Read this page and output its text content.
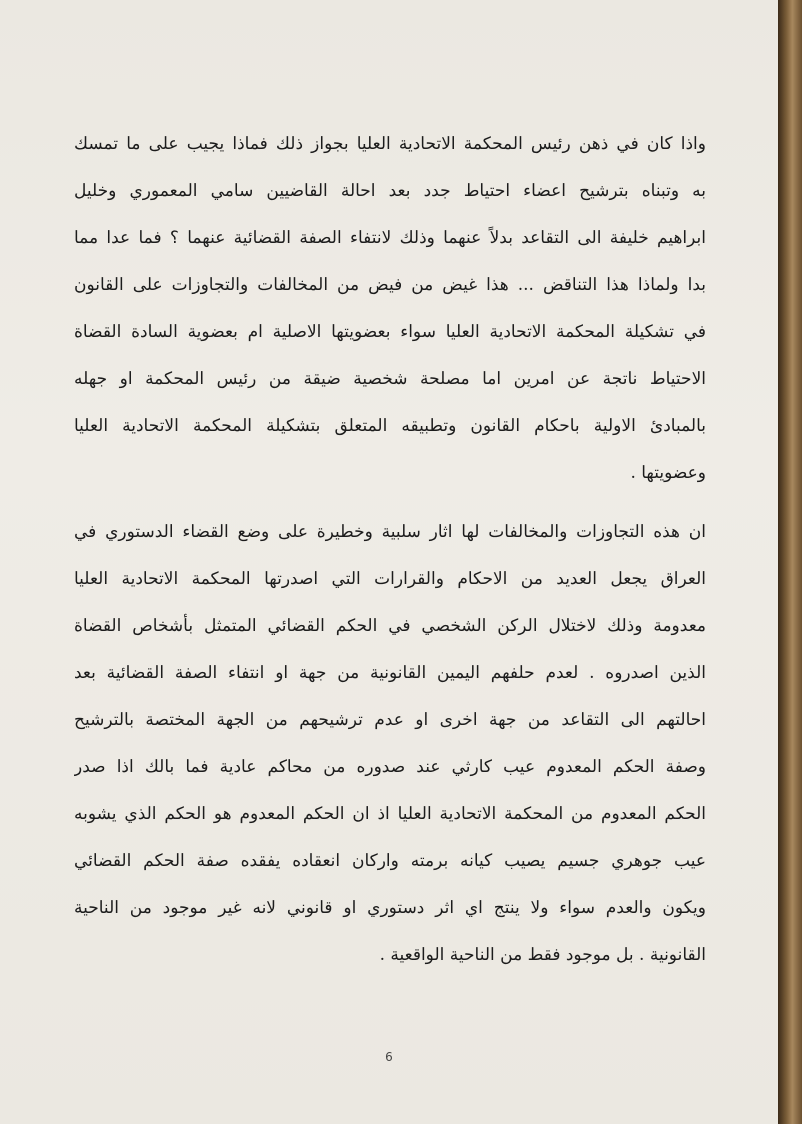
واذا كان في ذهن رئيس المحكمة الاتحادية العليا بجواز ذلك فماذا يجيب على ما تمسك
به وتبناه بترشيح اعضاء احتياط جدد بعد احالة القاضيين سامي المعموري وخليل
ابراهيم خليفة الى التقاعد بدلاً عنهما وذلك لانتفاء الصفة القضائية عنهما ؟ فما عدا مما
بدا ولماذا هذا التناقض ... هذا غيض من فيض من المخالفات والتجاوزات على القانون
في تشكيلة المحكمة الاتحادية العليا سواء بعضويتها الاصلية ام بعضوية السادة القضاة
الاحتياط ناتجة عن امرين اما مصلحة شخصية ضيقة من رئيس المحكمة او جهله
بالمبادئ الاولية باحكام القانون وتطبيقه المتعلق بتشكيلة المحكمة الاتحادية العليا
وعضويتها .
ان هذه التجاوزات والمخالفات لها اثار سلبية وخطيرة على وضع القضاء الدستوري في
العراق يجعل العديد من الاحكام والقرارات التي اصدرتها المحكمة الاتحادية العليا
معدومة وذلك لاختلال الركن الشخصي في الحكم القضائي المتمثل بأشخاص القضاة
الذين اصدروه . لعدم حلفهم اليمين القانونية من جهة او انتفاء الصفة القضائية بعد
احالتهم الى التقاعد من جهة اخرى او عدم ترشيحهم من الجهة المختصة بالترشيح
وصفة الحكم المعدوم عيب كارثي عند صدوره من محاكم عادية فما بالك اذا صدر
الحكم المعدوم من المحكمة الاتحادية العليا اذ ان الحكم المعدوم هو الحكم الذي يشوبه
عيب جوهري جسيم يصيب كيانه برمته واركان انعقاده يفقده صفة الحكم القضائي
ويكون والعدم سواء ولا ينتج اي اثر دستوري او قانوني لانه غير موجود من الناحية
القانونية . بل موجود فقط من الناحية الواقعية .
6
